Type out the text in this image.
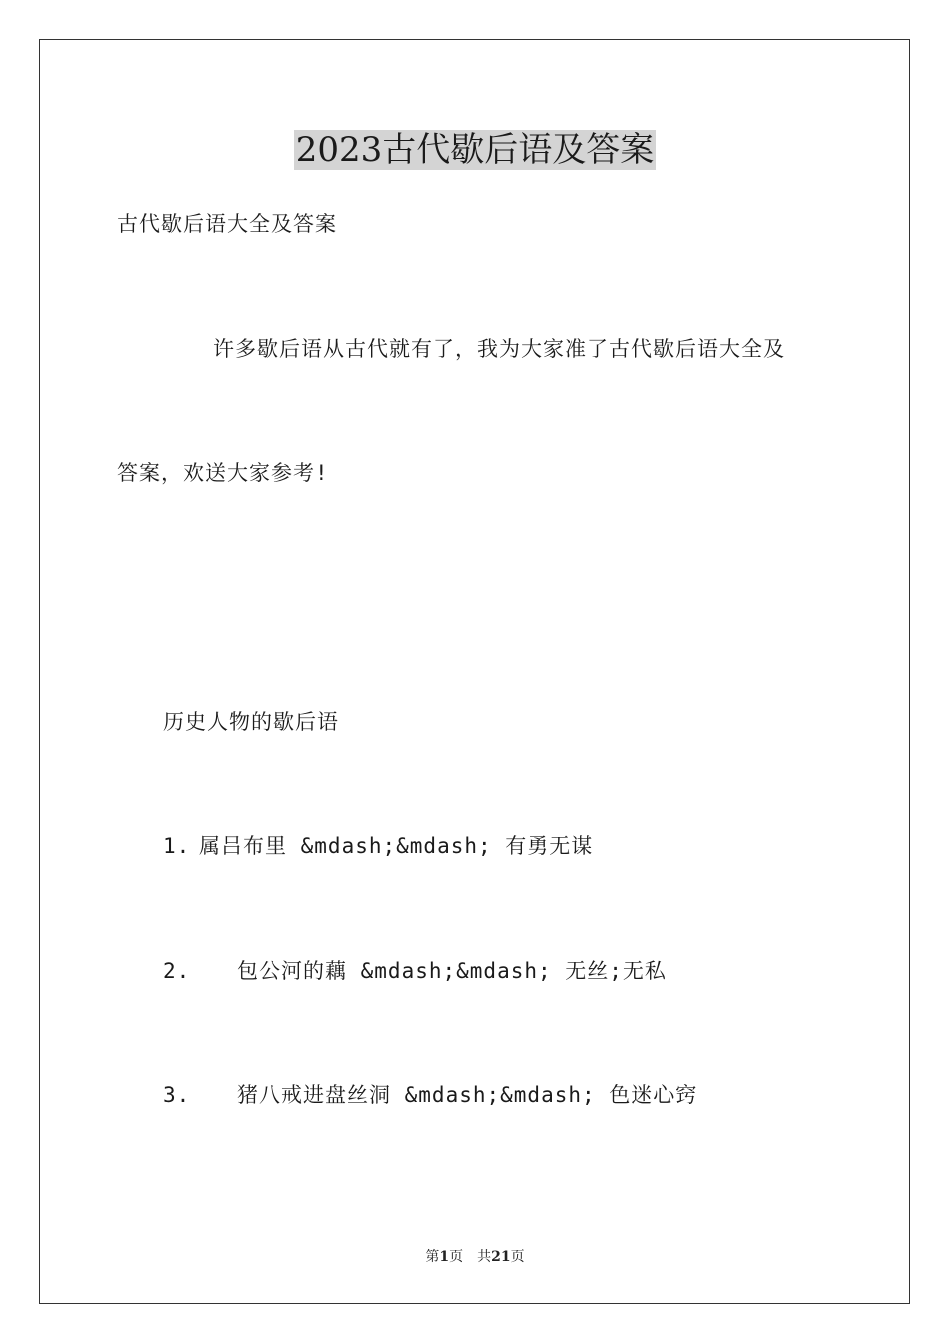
2023古代歇后语及答案

古代歇后语大全及答案

许多歇后语从古代就有了，我为大家准了古代歇后语大全及

答案，欢送大家参考!

历史人物的歇后语

1. 属吕布里 &mdash;&mdash; 有勇无谋
2. 包公河的藕 &mdash;&mdash; 无丝;无私
3. 猪八戒进盘丝洞 &mdash;&mdash; 色迷心窍
第1页 共21页
